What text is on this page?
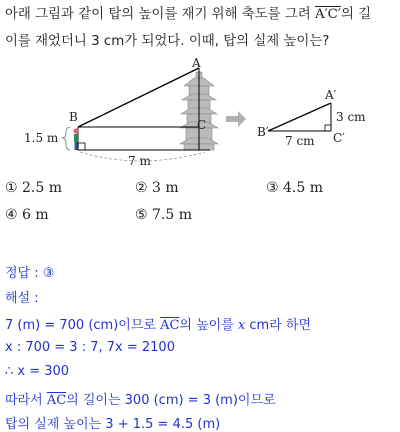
아래 그림과 같이 탑의 높이를 재기 위해 축도를 그려 A′C′의 길
이를 재었더니 3 cm가 되었다. 이때, 탑의 실제 높이는?
A
B
C
1.5 m
7 m
A′
B′	C′
3 cm
7 cm
① 2.5 m	② 3 m	③ 4.5 m
④ 6 m	⑤ 7.5 m
정답 : ③
해설 :
7 (m) = 700 (cm)이므로 $\overline{AC}$의 높이를 x cm라 하면
x : 700 = 3 : 7, 7x = 2100
∴ x = 300
따라서 $\overline{AC}$의 길이는 300 (cm) = 3 (m)이므로
탑의 실제 높이는 3 + 1.5 = 4.5 (m)
